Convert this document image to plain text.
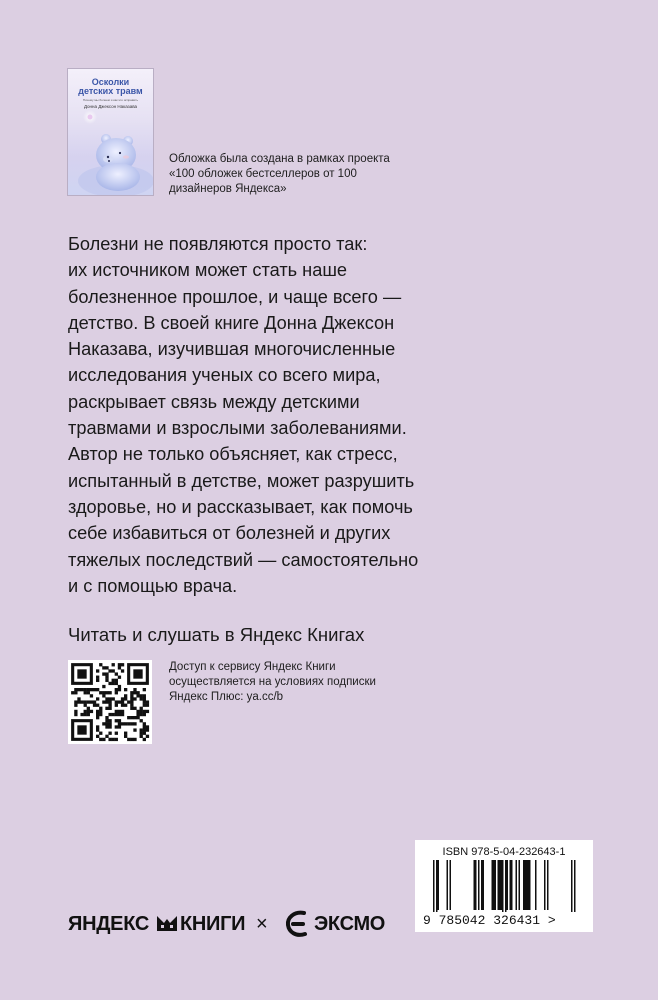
Осколки
детских травм
Почему мы болеем и как это исправить
Донна Джексон Наказава
Обложка была создана в рамках проекта «100 обложек бестселлеров от 100 дизайнеров Яндекса»
Болезни не появляются просто так:
их источником может стать наше
болезненное прошлое, и чаще всего —
детство. В своей книге Донна Джексон
Наказава, изучившая многочисленные
исследования ученых со всего мира,
раскрывает связь между детскими
травмами и взрослыми заболеваниями.
Автор не только объясняет, как стресс,
испытанный в детстве, может разрушить
здоровье, но и рассказывает, как помочь
себе избавиться от болезней и других
тяжелых последствий — самостоятельно
и с помощью врача.
Читать и слушать в Яндекс Книгах
Доступ к сервису Яндекс Книги осуществляется на условиях подписки Яндекс Плюс: ya.cc/b
ISBN 978-5-04-232643-1
9 785042 326431 >
ЯНДЕКС КНИГИ × ЭКСМО
